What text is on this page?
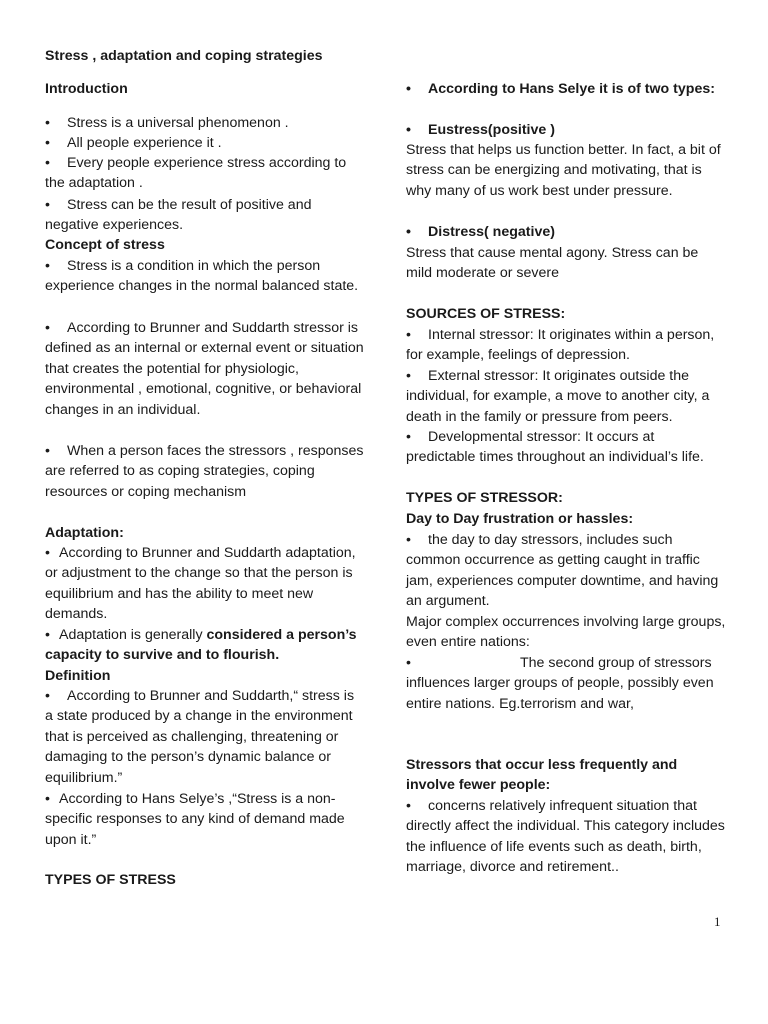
Stress , adaptation and coping strategies
Introduction
• Stress is a universal phenomenon .
• All people experience it .
• Every people experience stress according to the adaptation .
• Stress can be the result of positive and negative experiences.
Concept of stress
• Stress is a condition in which the person experience changes in the normal balanced state.
• According to Brunner and Suddarth stressor is defined as an internal or external event or situation that creates the potential for physiologic, environmental , emotional, cognitive, or behavioral changes in an individual.
• When a person faces the stressors , responses are referred to as coping strategies, coping resources or coping mechanism
Adaptation:
• According to Brunner and Suddarth adaptation, or adjustment to the change so that the person is equilibrium and has the ability to meet new demands.
• Adaptation is generally considered a person’s capacity to survive and to flourish.
Definition
• According to Brunner and Suddarth,“ stress is a state produced by a change in the environment that is perceived as challenging, threatening or damaging to the person’s dynamic balance or equilibrium.”
• According to Hans Selye’s ,“Stress is a non-specific responses to any kind of demand made upon it.”
TYPES OF STRESS
• According to Hans Selye it is of two types:
• Eustress(positive )
Stress that helps us function better. In fact, a bit of stress can be energizing and motivating, that is why many of us work best under pressure.
• Distress( negative)
Stress that cause mental agony. Stress can be mild moderate or severe
SOURCES OF STRESS:
• Internal stressor: It originates within a person, for example, feelings of depression.
• External stressor: It originates outside the individual, for example, a move to another city, a death in the family or pressure from peers.
• Developmental stressor: It occurs at predictable times throughout an individual’s life.
TYPES OF STRESSOR:
Day to Day frustration or hassles:
• the day to day stressors, includes such common occurrence as getting caught in traffic jam, experiences computer downtime, and having an argument.
Major complex occurrences involving large groups, even entire nations:
•	The second group of stressors influences larger groups of people, possibly even entire nations. Eg.terrorism and war,
Stressors that occur less frequently and involve fewer people:
• concerns relatively infrequent situation that directly affect the individual. This category includes the influence of life events such as death, birth, marriage, divorce and retirement..
1
